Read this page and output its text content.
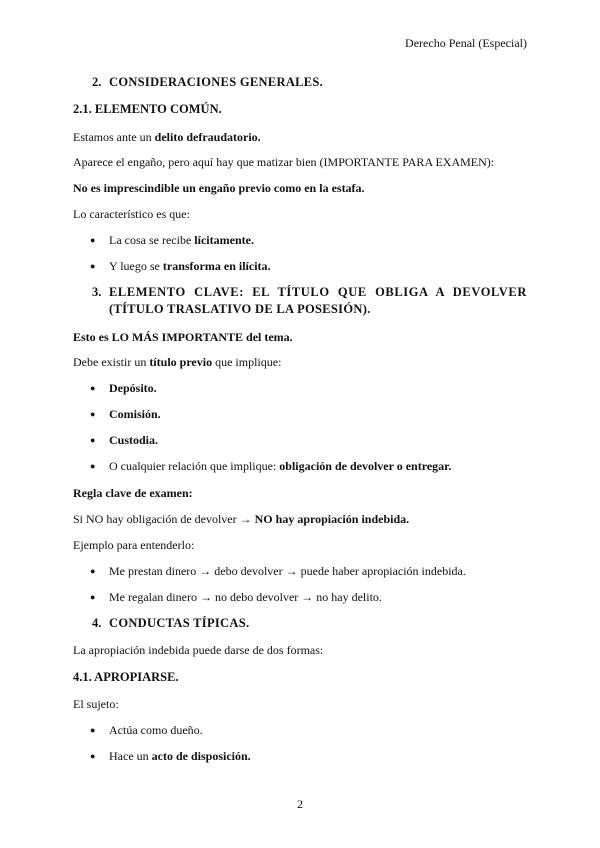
Derecho Penal (Especial)
2. CONSIDERACIONES GENERALES.
2.1. ELEMENTO COMÚN.
Estamos ante un delito defraudatorio.
Aparece el engaño, pero aquí hay que matizar bien (IMPORTANTE PARA EXAMEN):
No es imprescindible un engaño previo como en la estafa.
Lo característico es que:
● La cosa se recibe lícitamente.
● Y luego se transforma en ilícita.
3. ELEMENTO CLAVE: EL TÍTULO QUE OBLIGA A DEVOLVER
(TÍTULO TRASLATIVO DE LA POSESIÓN).
Esto es LO MÁS IMPORTANTE del tema.
Debe existir un título previo que implique:
● Depósito.
● Comisión.
● Custodia.
● O cualquier relación que implique: obligación de devolver o entregar.
Regla clave de examen:
Si NO hay obligación de devolver → NO hay apropiación indebida.
Ejemplo para entenderlo:
● Me prestan dinero → debo devolver → puede haber apropiación indebida.
● Me regalan dinero → no debo devolver → no hay delito.
4. CONDUCTAS TÍPICAS.
La apropiación indebida puede darse de dos formas:
4.1. APROPIARSE.
El sujeto:
● Actúa como dueño.
● Hace un acto de disposición.
2
